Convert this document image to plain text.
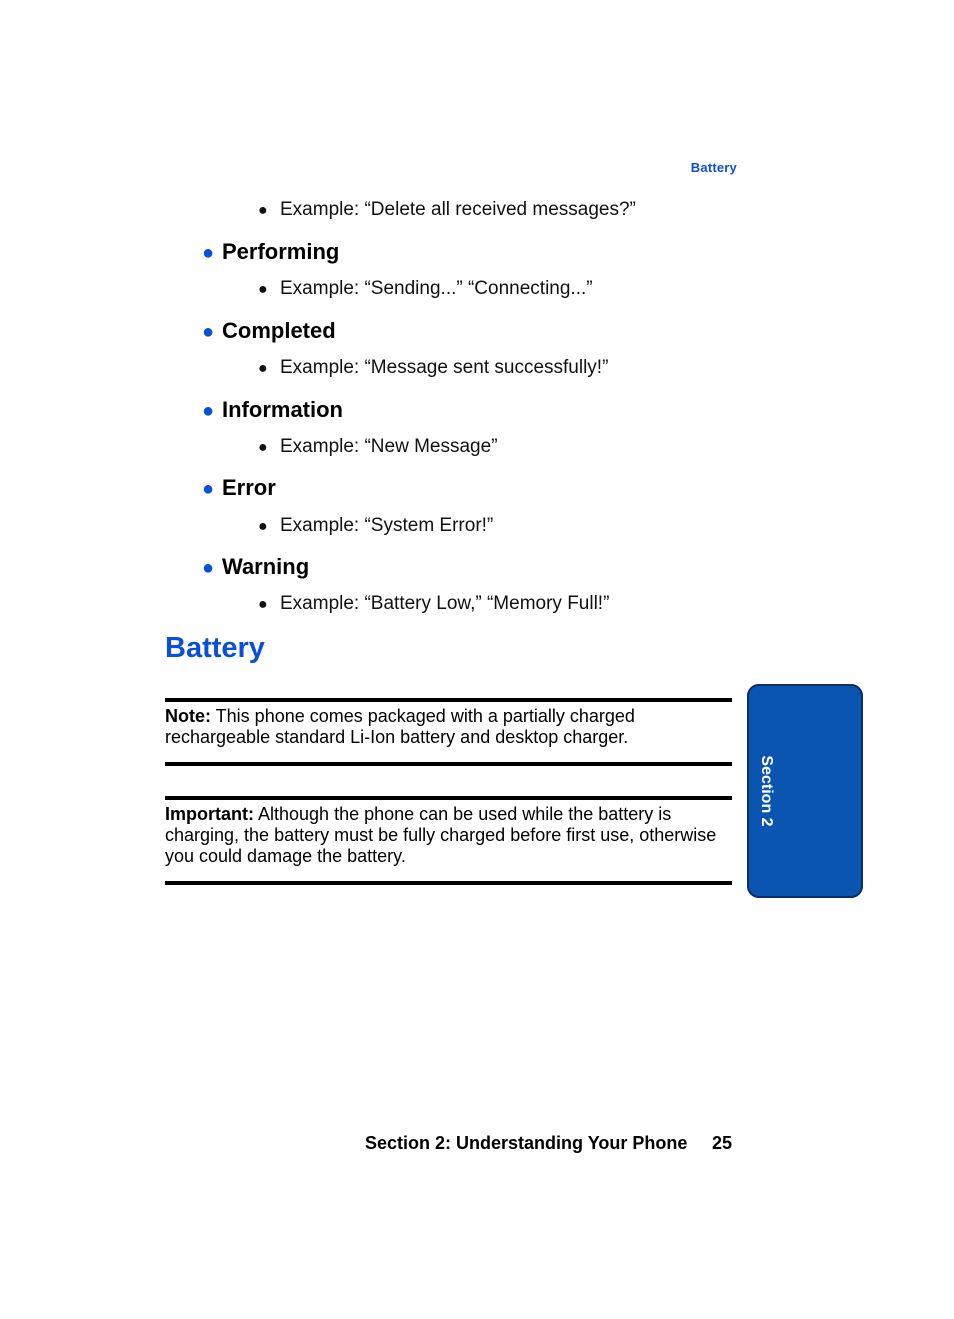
Battery
● Example: “Delete all received messages?”
● Performing
● Example: “Sending...” “Connecting...”
● Completed
● Example: “Message sent successfully!”
● Information
● Example: “New Message”
● Error
● Example: “System Error!”
● Warning
● Example: “Battery Low,” “Memory Full!”
Battery
Note: This phone comes packaged with a partially charged rechargeable standard Li-Ion battery and desktop charger.
Important: Although the phone can be used while the battery is charging, the battery must be fully charged before first use, otherwise you could damage the battery.
Section 2
Section 2: Understanding Your Phone	25
